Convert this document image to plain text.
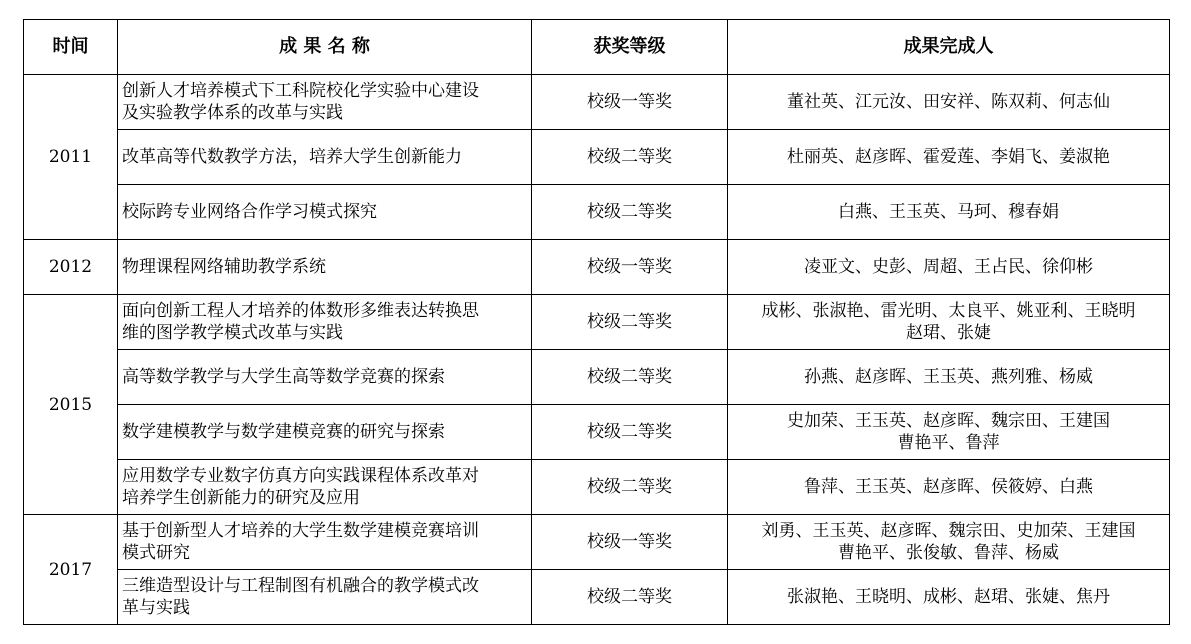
时间	成 果 名 称	获奖等级	成果完成人
2011	创新人才培养模式下工科院校化学实验中心建设
及实验教学体系的改革与实践	校级一等奖	董社英、江元汝、田安祥、陈双莉、何志仙

	改革高等代数教学方法，培养大学生创新能力	校级二等奖	杜丽英、赵彦晖、霍爱莲、李娟飞、姜淑艳

	校际跨专业网络合作学习模式探究	校级二等奖	白燕、王玉英、马珂、穆春娟

2012	物理课程网络辅助教学系统	校级一等奖	凌亚文、史彭、周超、王占民、徐仰彬

2015	面向创新工程人才培养的体数形多维表达转换思
维的图学教学模式改革与实践	校级二等奖	成彬、张淑艳、雷光明、太良平、姚亚利、王晓明
赵珺、张婕

	高等数学教学与大学生高等数学竞赛的探索	校级二等奖	孙燕、赵彦晖、王玉英、燕列雅、杨威

	数学建模教学与数学建模竞赛的研究与探索	校级二等奖	史加荣、王玉英、赵彦晖、魏宗田、王建国
曹艳平、鲁萍

	应用数学专业数字仿真方向实践课程体系改革对
培养学生创新能力的研究及应用	校级二等奖	鲁萍、王玉英、赵彦晖、侯筱婷、白燕

2017	基于创新型人才培养的大学生数学建模竞赛培训
模式研究	校级一等奖	刘勇、王玉英、赵彦晖、魏宗田、史加荣、王建国
曹艳平、张俊敏、鲁萍、杨威

	三维造型设计与工程制图有机融合的教学模式改
革与实践	校级二等奖	张淑艳、王晓明、成彬、赵珺、张婕、焦丹
